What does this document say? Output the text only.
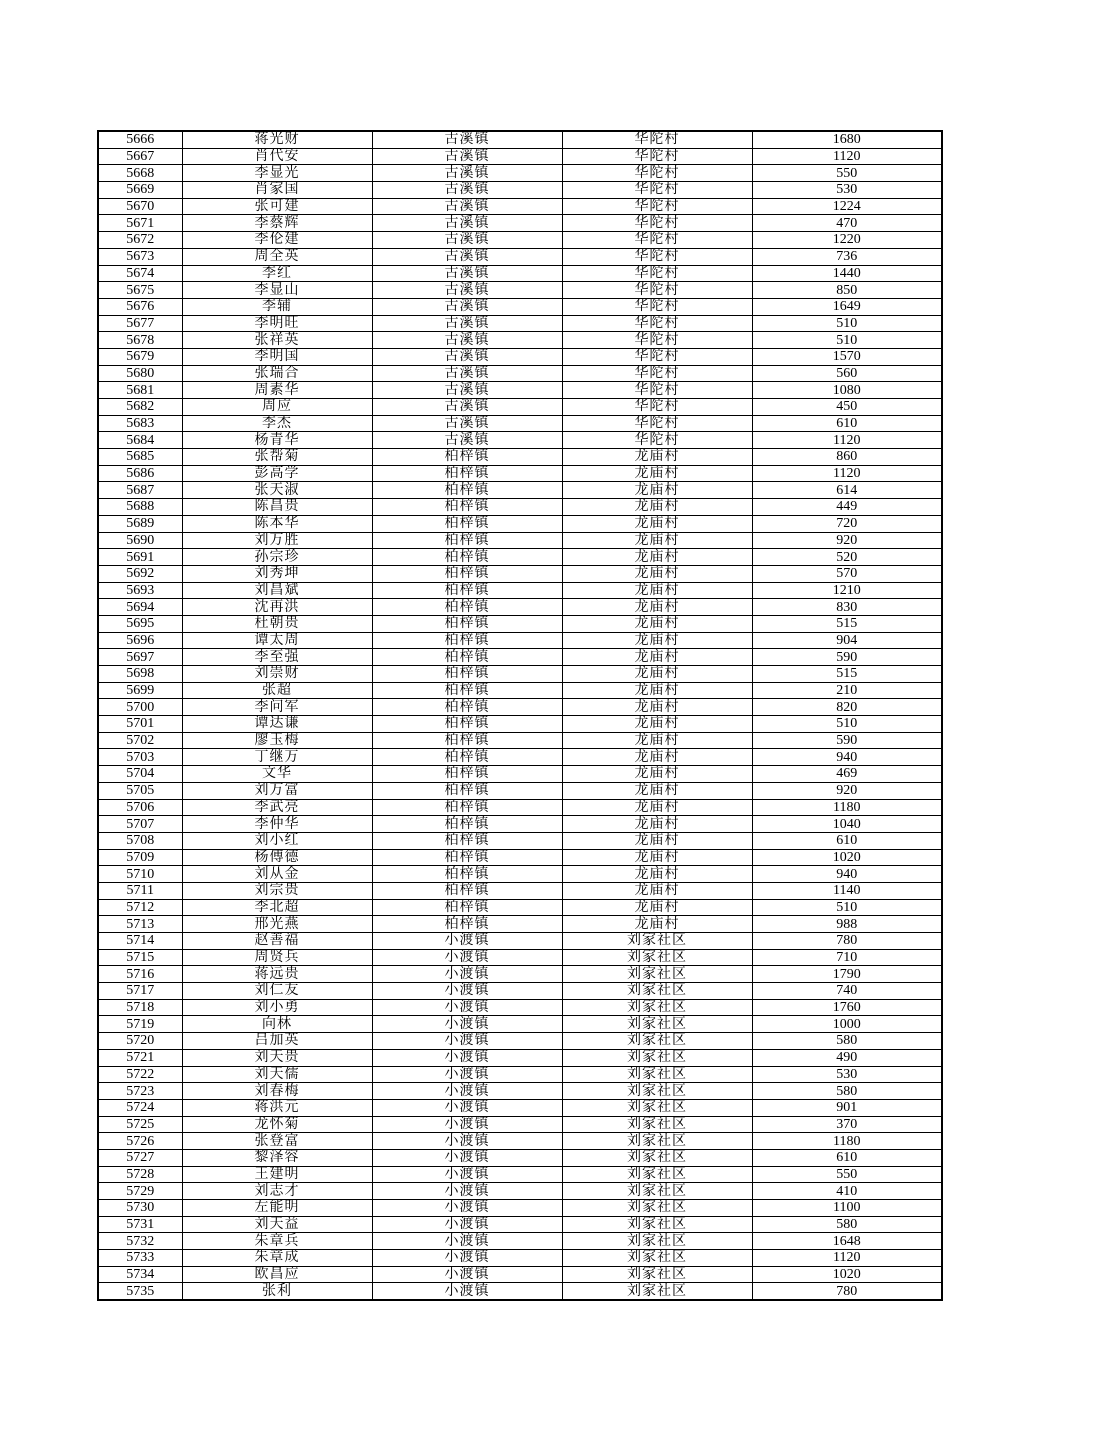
5666	蒋光财	古溪镇	华陀村	1680
5667	肖代安	古溪镇	华陀村	1120
5668	李显光	古溪镇	华陀村	550
5669	肖家国	古溪镇	华陀村	530
5670	张可建	古溪镇	华陀村	1224
5671	李蔡辉	古溪镇	华陀村	470
5672	李伦建	古溪镇	华陀村	1220
5673	周全英	古溪镇	华陀村	736
5674	李红	古溪镇	华陀村	1440
5675	李显山	古溪镇	华陀村	850
5676	李辅	古溪镇	华陀村	1649
5677	李明旺	古溪镇	华陀村	510
5678	张祥英	古溪镇	华陀村	510
5679	李明国	古溪镇	华陀村	1570
5680	张瑞合	古溪镇	华陀村	560
5681	周素华	古溪镇	华陀村	1080
5682	周应	古溪镇	华陀村	450
5683	李杰	古溪镇	华陀村	610
5684	杨青华	古溪镇	华陀村	1120
5685	张帮菊	柏梓镇	龙庙村	860
5686	彭高学	柏梓镇	龙庙村	1120
5687	张天淑	柏梓镇	龙庙村	614
5688	陈昌贵	柏梓镇	龙庙村	449
5689	陈本华	柏梓镇	龙庙村	720
5690	刘万胜	柏梓镇	龙庙村	920
5691	孙宗珍	柏梓镇	龙庙村	520
5692	刘秀坤	柏梓镇	龙庙村	570
5693	刘昌斌	柏梓镇	龙庙村	1210
5694	沈再洪	柏梓镇	龙庙村	830
5695	杜朝贵	柏梓镇	龙庙村	515
5696	谭太周	柏梓镇	龙庙村	904
5697	李至强	柏梓镇	龙庙村	590
5698	刘崇财	柏梓镇	龙庙村	515
5699	张超	柏梓镇	龙庙村	210
5700	李问军	柏梓镇	龙庙村	820
5701	谭达谦	柏梓镇	龙庙村	510
5702	廖玉梅	柏梓镇	龙庙村	590
5703	丁继万	柏梓镇	龙庙村	940
5704	文华	柏梓镇	龙庙村	469
5705	刘万富	柏梓镇	龙庙村	920
5706	李武亮	柏梓镇	龙庙村	1180
5707	李仲华	柏梓镇	龙庙村	1040
5708	刘小红	柏梓镇	龙庙村	610
5709	杨傅德	柏梓镇	龙庙村	1020
5710	刘从金	柏梓镇	龙庙村	940
5711	刘宗贵	柏梓镇	龙庙村	1140
5712	李北超	柏梓镇	龙庙村	510
5713	邢光燕	柏梓镇	龙庙村	988
5714	赵善福	小渡镇	刘家社区	780
5715	周贤兵	小渡镇	刘家社区	710
5716	蒋远贵	小渡镇	刘家社区	1790
5717	刘仁友	小渡镇	刘家社区	740
5718	刘小勇	小渡镇	刘家社区	1760
5719	向林	小渡镇	刘家社区	1000
5720	吕加英	小渡镇	刘家社区	580
5721	刘天贵	小渡镇	刘家社区	490
5722	刘天儒	小渡镇	刘家社区	530
5723	刘春梅	小渡镇	刘家社区	580
5724	蒋洪元	小渡镇	刘家社区	901
5725	龙怀菊	小渡镇	刘家社区	370
5726	张登富	小渡镇	刘家社区	1180
5727	黎泽容	小渡镇	刘家社区	610
5728	王建明	小渡镇	刘家社区	550
5729	刘志才	小渡镇	刘家社区	410
5730	左能明	小渡镇	刘家社区	1100
5731	刘天益	小渡镇	刘家社区	580
5732	朱章兵	小渡镇	刘家社区	1648
5733	朱章成	小渡镇	刘家社区	1120
5734	欧昌应	小渡镇	刘家社区	1020
5735	张利	小渡镇	刘家社区	780
